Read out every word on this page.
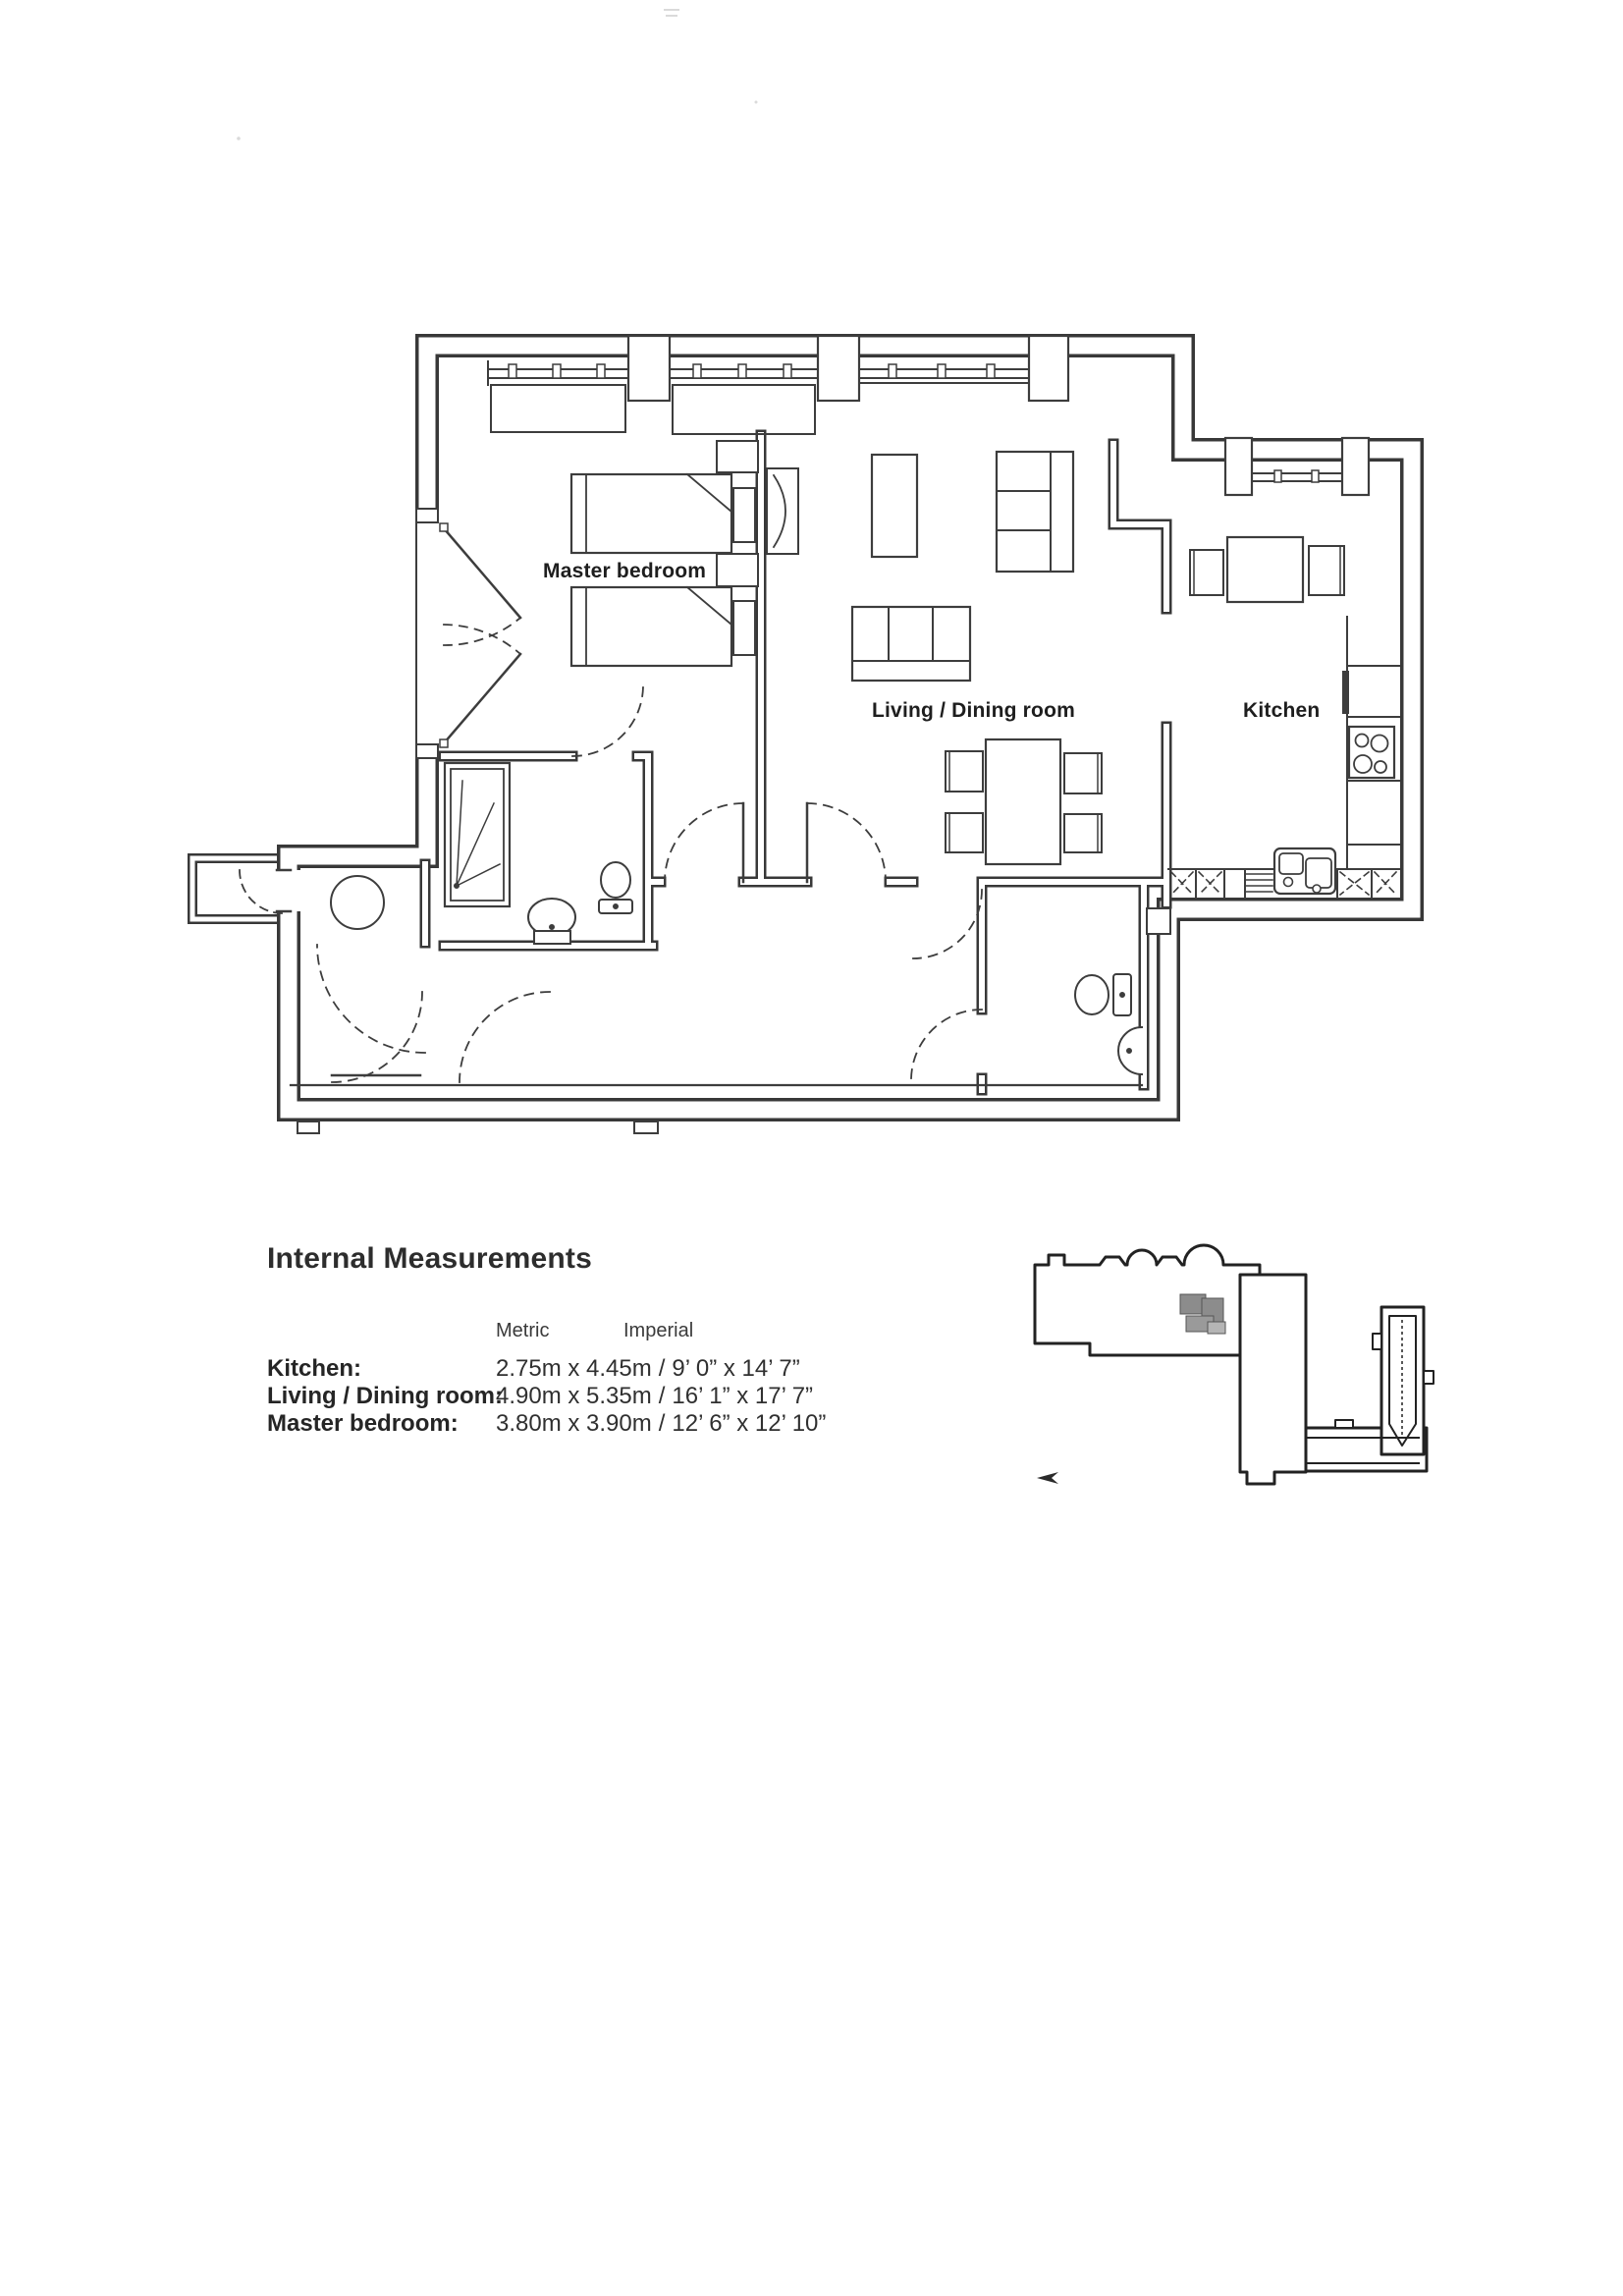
Master bedroom
Living / Dining room	Kitchen
Internal Measurements
Metric	Imperial
Kitchen:	2.75m x 4.45m / 9’ 0” x 14’ 7”
Living / Dining room:4.90m x 5.35m / 16’ 1” x 17’ 7”
Master bedroom: 3.80m x 3.90m / 12’ 6” x 12’ 10”
